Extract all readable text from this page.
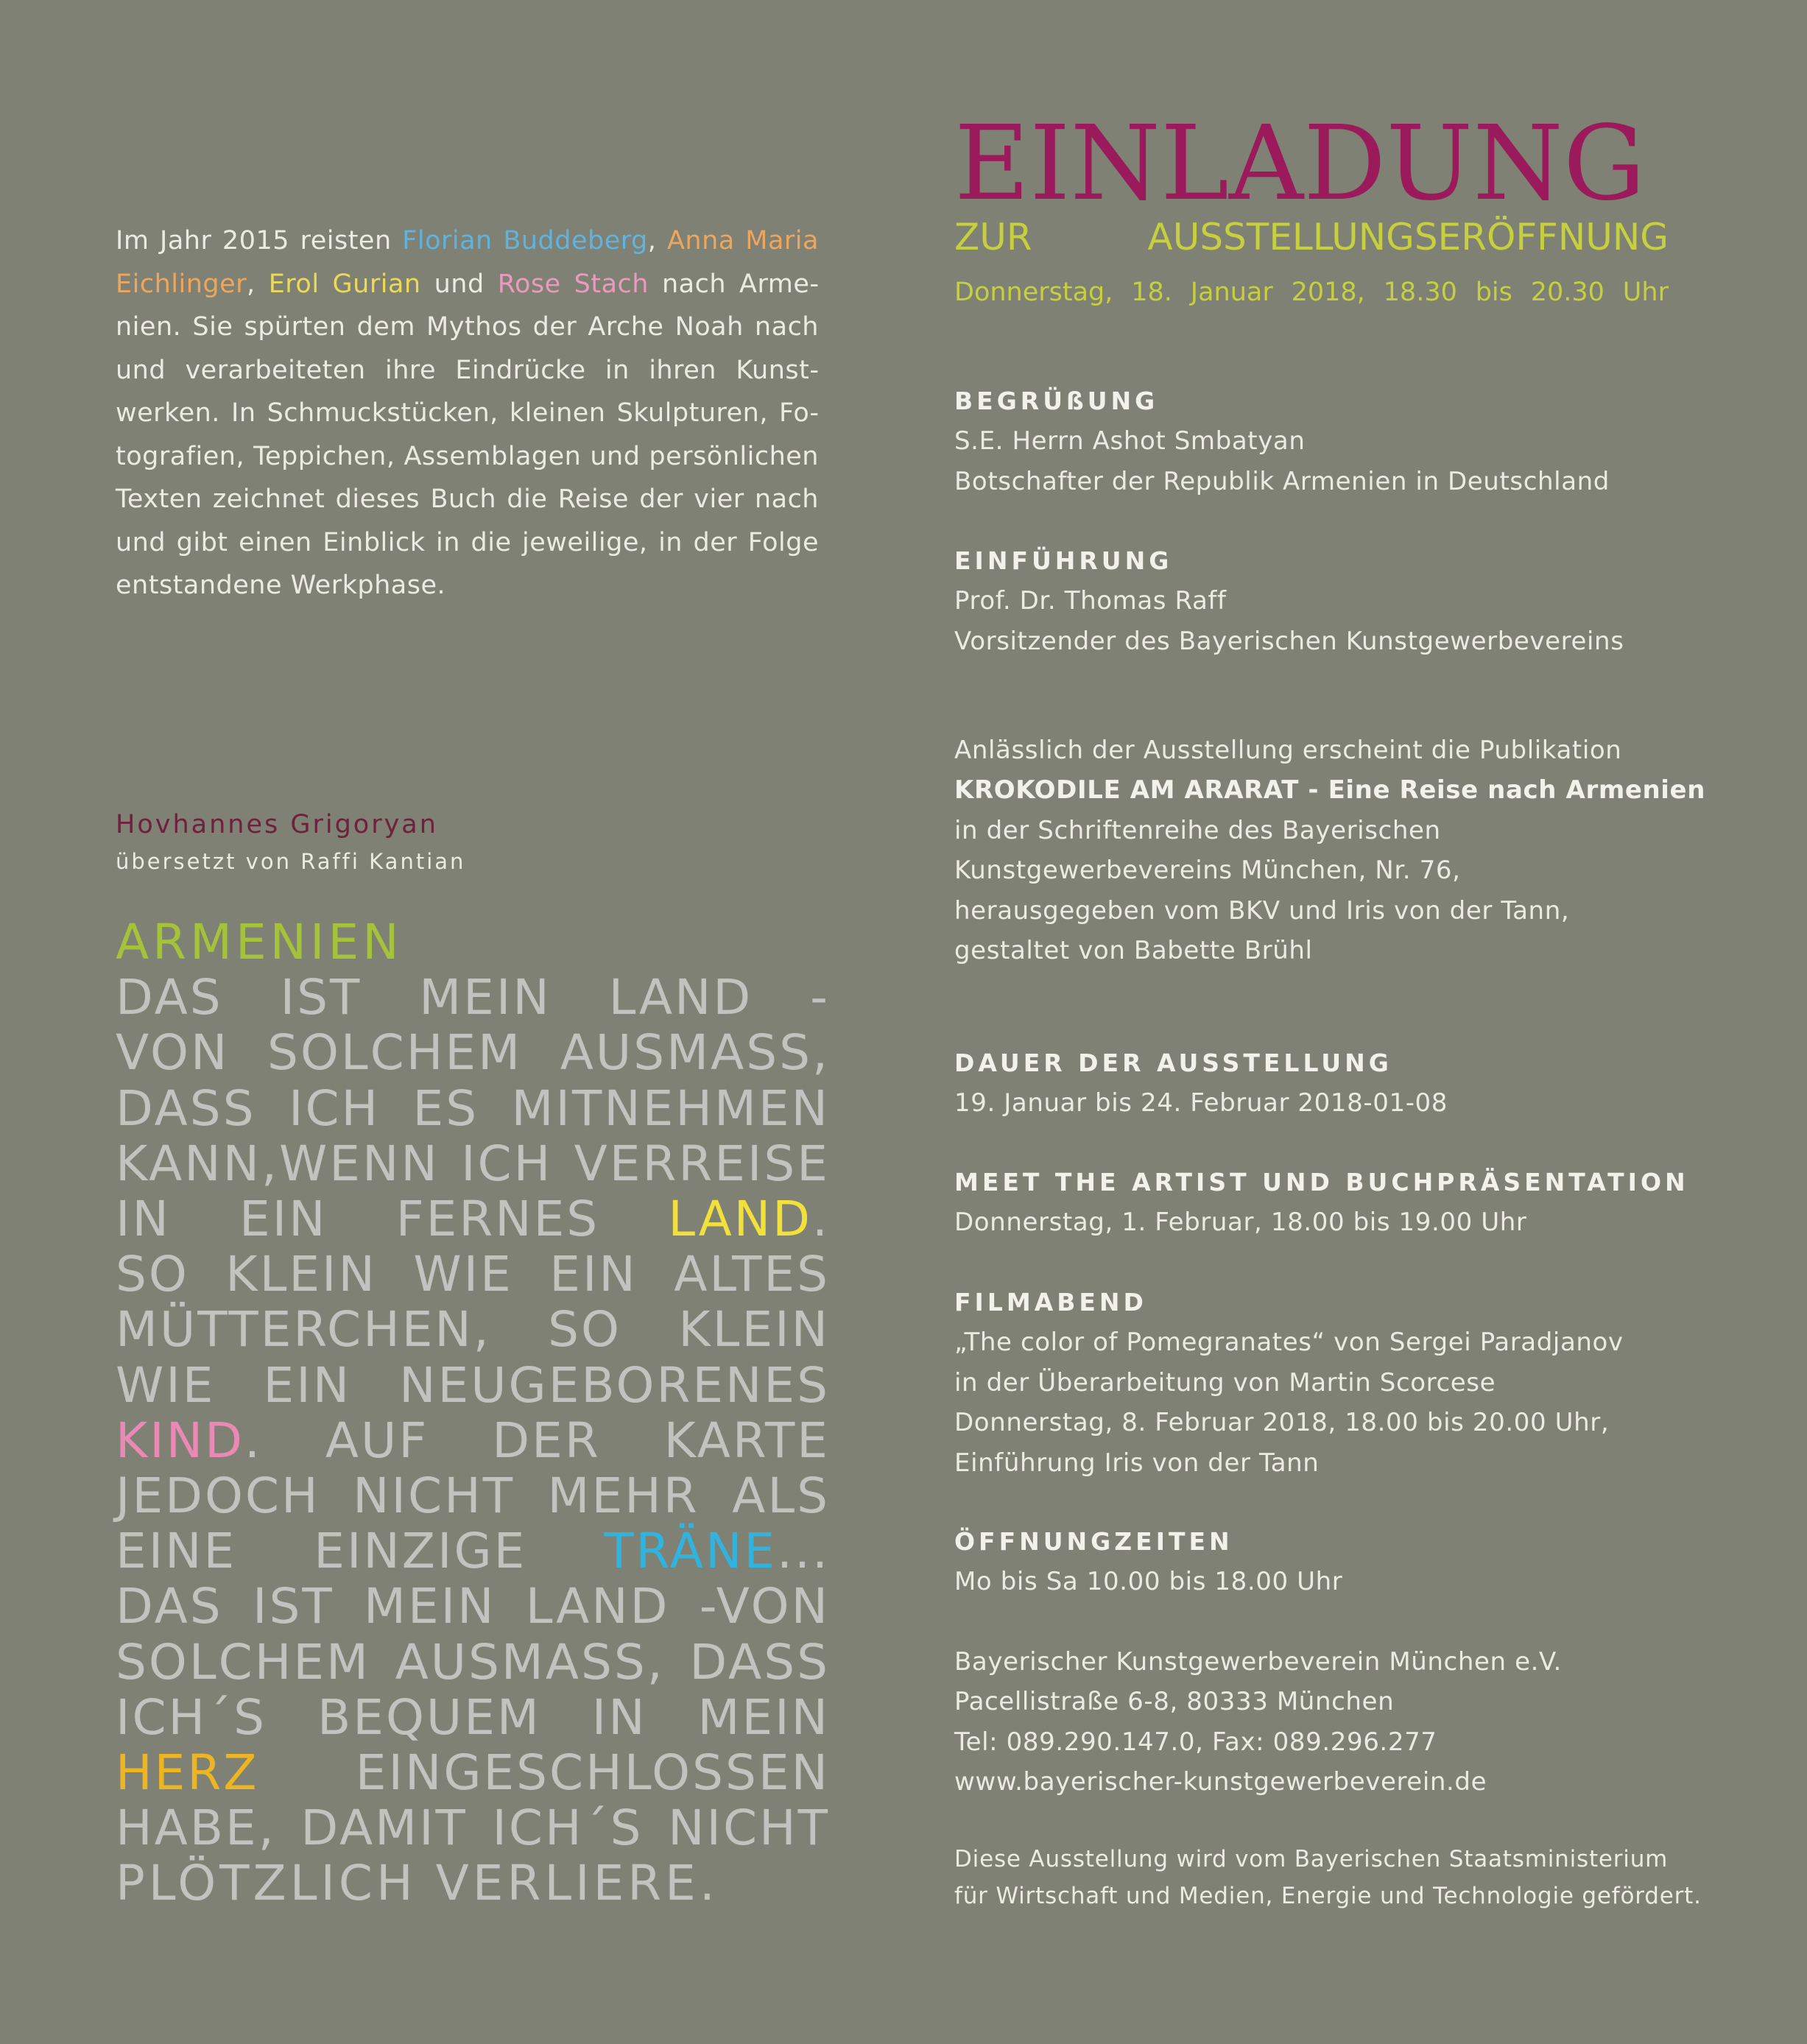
Im Jahr 2015 reisten Florian Buddeberg, Anna Maria Eichlinger, Erol Gurian und Rose Stach nach Armenien. Sie spürten dem Mythos der Arche Noah nach und verarbeiteten ihre Eindrücke in ihren Kunstwerken. In Schmuckstücken, kleinen Skulpturen, Fotografien, Teppichen, Assemblagen und persönlichen Texten zeichnet dieses Buch die Reise der vier nach und gibt einen Einblick in die jeweilige, in der Folge entstandene Werkphase.
Hovhannes Grigoryan
übersetzt von Raffi Kantian
ARMENIEN
DAS IST MEIN LAND -
VON SOLCHEM AUSMASS,
DASS ICH ES MITNEHMEN
KANN,WENN ICH VERREISE
IN EIN FERNES LAND.
SO KLEIN WIE EIN ALTES
MÜTTERCHEN, SO KLEIN
WIE EIN NEUGEBORENES
KIND. AUF DER KARTE
JEDOCH NICHT MEHR ALS
EINE EINZIGE TRÄNE...
DAS IST MEIN LAND -VON
SOLCHEM AUSMASS, DASS
ICH´S BEQUEM IN MEIN
HERZ EINGESCHLOSSEN
HABE, DAMIT ICH´S NICHT
PLÖTZLICH VERLIERE.
EINLADUNG
ZUR AUSSTELLUNGSERÖFFNUNG
Donnerstag, 18. Januar 2018, 18.30 bis 20.30 Uhr
BEGRÜßUNG
S.E. Herrn Ashot Smbatyan
Botschafter der Republik Armenien in Deutschland
EINFÜHRUNG
Prof. Dr. Thomas Raff
Vorsitzender des Bayerischen Kunstgewerbevereins
Anlässlich der Ausstellung erscheint die Publikation
KROKODILE AM ARARAT - Eine Reise nach Armenien
in der Schriftenreihe des Bayerischen
Kunstgewerbevereins München, Nr. 76,
herausgegeben vom BKV und Iris von der Tann,
gestaltet von Babette Brühl
DAUER DER AUSSTELLUNG
19. Januar bis 24. Februar 2018-01-08
MEET THE ARTIST UND BUCHPRÄSENTATION
Donnerstag, 1. Februar, 18.00 bis 19.00 Uhr
FILMABEND
„The color of Pomegranates“ von Sergei Paradjanov
in der Überarbeitung von Martin Scorcese
Donnerstag, 8. Februar 2018, 18.00 bis 20.00 Uhr,
Einführung Iris von der Tann
ÖFFNUNGZEITEN
Mo bis Sa 10.00 bis 18.00 Uhr
Bayerischer Kunstgewerbeverein München e.V.
Pacellistraße 6-8, 80333 München
Tel: 089.290.147.0, Fax: 089.296.277
www.bayerischer-kunstgewerbeverein.de
Diese Ausstellung wird vom Bayerischen Staatsministerium
für Wirtschaft und Medien, Energie und Technologie gefördert.
